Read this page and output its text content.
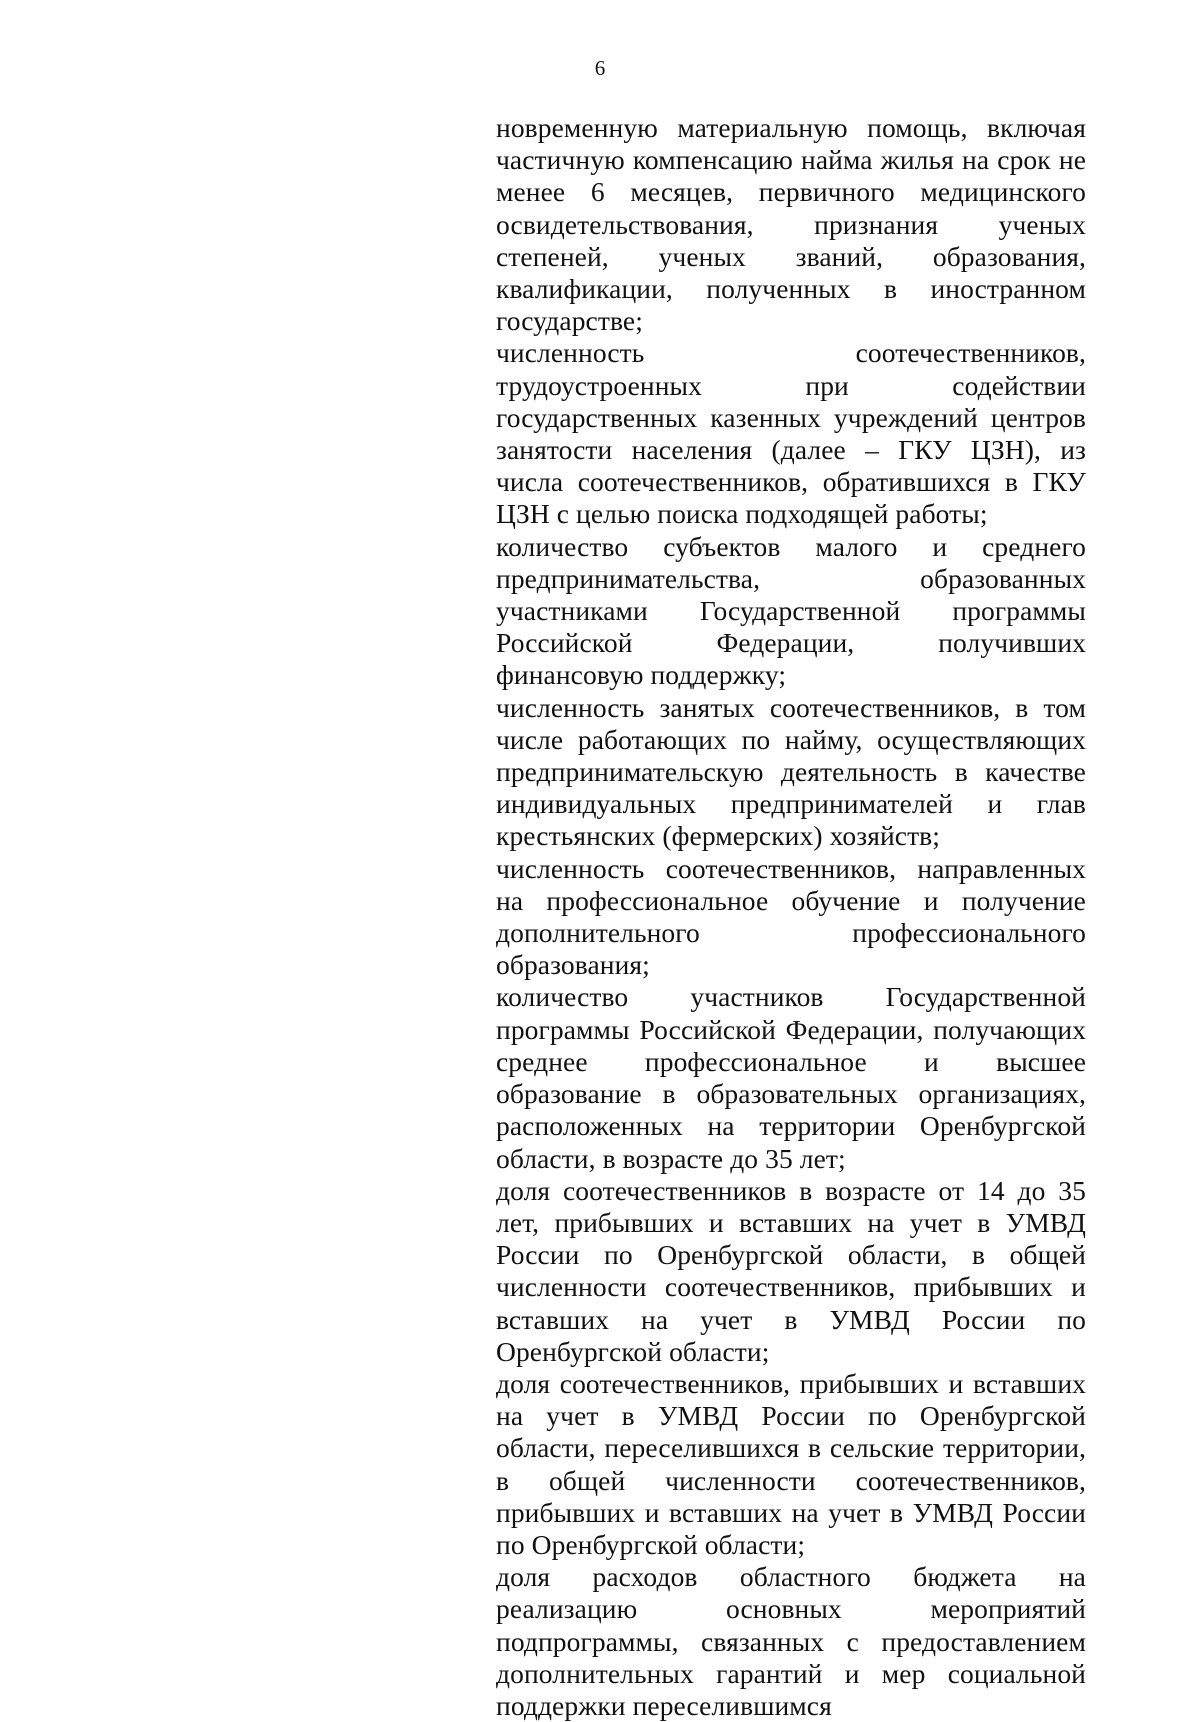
6

новременную материальную помощь, включая частичную компенсацию найма жилья на срок не менее 6 месяцев, первичного медицинского освидетельствования, признания ученых степеней, ученых званий, образования, квалификации, полученных в иностранном государстве;

численность соотечественников, трудоустроенных при содействии государственных казенных учреждений центров занятости населения (далее – ГКУ ЦЗН), из числа соотечественников, обратившихся в ГКУ ЦЗН с целью поиска подходящей работы;

количество субъектов малого и среднего предпринимательства, образованных участниками Государственной программы Российской Федерации, получивших финансовую поддержку;

численность занятых соотечественников, в том числе работающих по найму, осуществляющих предпринимательскую деятельность в качестве индивидуальных предпринимателей и глав крестьянских (фермерских) хозяйств;

численность соотечественников, направленных на профессиональное обучение и получение дополнительного профессионального образования;

количество участников Государственной программы Российской Федерации, получающих среднее профессиональное и высшее образование в образовательных организациях, расположенных на территории Оренбургской области, в возрасте до 35 лет;

доля соотечественников в возрасте от 14 до 35 лет, прибывших и вставших на учет в УМВД России по Оренбургской области, в общей численности соотечественников, прибывших и вставших на учет в УМВД России по Оренбургской области;

доля соотечественников, прибывших и вставших на учет в УМВД России по Оренбургской области, переселившихся в сельские территории, в общей численности соотечественников, прибывших и вставших на учет в УМВД России по Оренбургской области;

доля расходов областного бюджета на реализацию основных мероприятий подпрограммы, связанных с предоставлением дополнительных гарантий и мер социальной поддержки переселившимся
